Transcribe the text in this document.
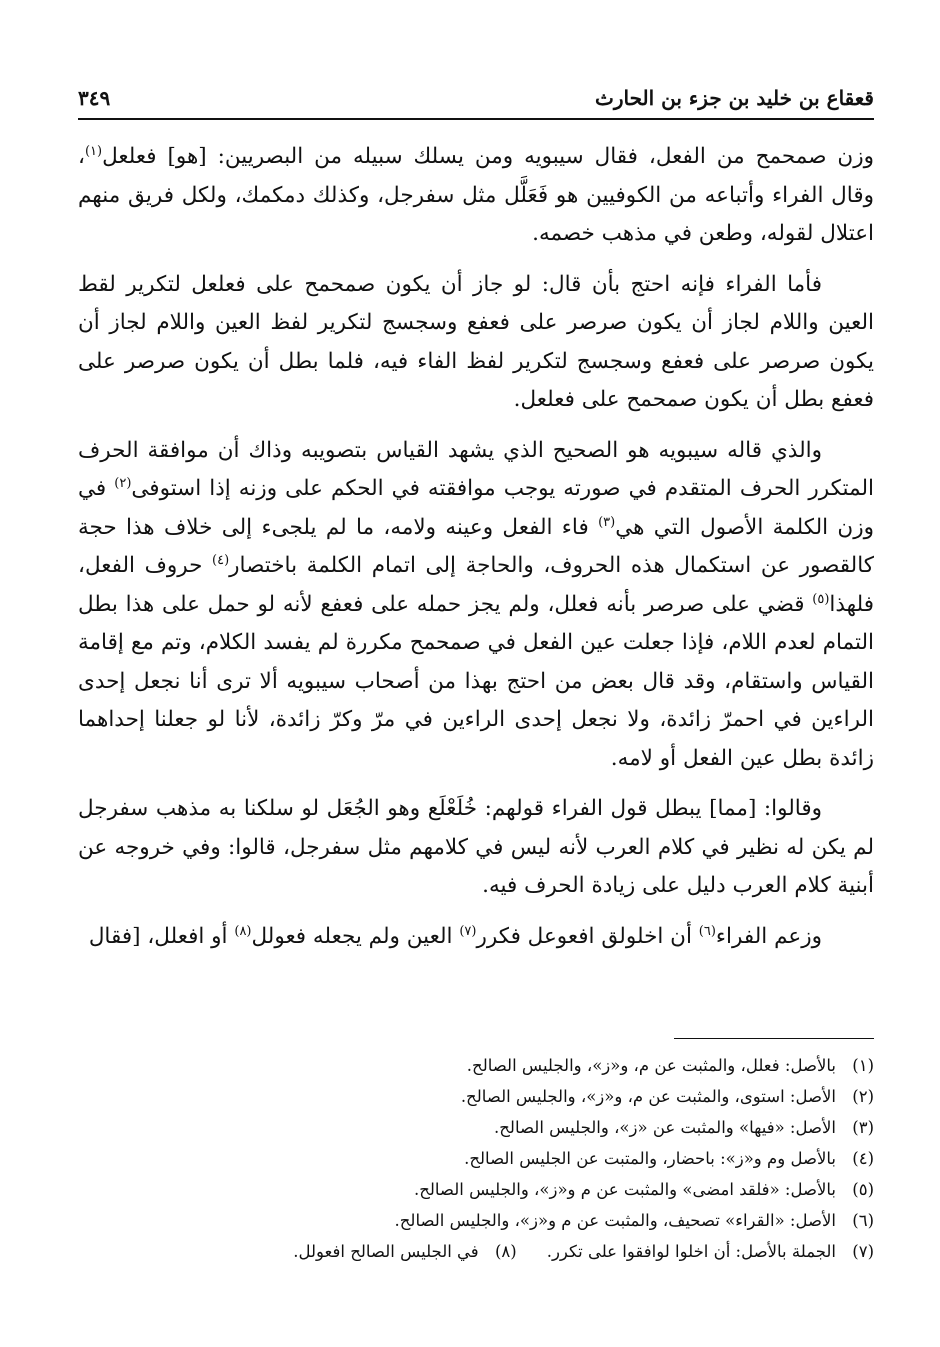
قعقاع بن خليد بن جزء بن الحارث
٣٤٩

وزن صمحمح من الفعل، فقال سيبويه ومن يسلك سبيله من البصريين: [هو] فعلعل$^{(١)}$، وقال الفراء وأتباعه من الكوفيين هو فَعَلَّل مثل سفرجل، وكذلك دمكمك، ولكل فريق منهم اعتلال لقوله، وطعن في مذهب خصمه.

فأما الفراء فإنه احتج بأن قال: لو جاز أن يكون صمحمح على فعلعل لتكرير لقط العين واللام لجاز أن يكون صرصر على فعفع وسجسج لتكرير لفظ العين واللام لجاز أن يكون صرصر على فعفع وسجسج لتكرير لفظ الفاء فيه، فلما بطل أن يكون صرصر على فعفع بطل أن يكون صمحمح على فعلعل.

والذي قاله سيبويه هو الصحيح الذي يشهد القياس بتصويبه وذاك أن موافقة الحرف المتكرر الحرف المتقدم في صورته يوجب موافقته في الحكم على وزنه إذا استوفى$^{(٢)}$ في وزن الكلمة الأصول التي هي$^{(٣)}$ فاء الفعل وعينه ولامه، ما لم يلجىء إلى خلاف هذا حجة كالقصور عن استكمال هذه الحروف، والحاجة إلى اتمام الكلمة باختصار$^{(٤)}$ حروف الفعل، فلهذا$^{(٥)}$ قضي على صرصر بأنه فعلل، ولم يجز حمله على فعفع لأنه لو حمل على هذا بطل التمام لعدم اللام، فإذا جعلت عين الفعل في صمحمح مكررة لم يفسد الكلام، وتم مع إقامة القياس واستقام، وقد قال بعض من احتج بهذا من أصحاب سيبويه ألا ترى أنا نجعل إحدى الراءين في احمرّ زائدة، ولا نجعل إحدى الراءين في مرّ وكرّ زائدة، لأنا لو جعلنا إحداهما زائدة بطل عين الفعل أو لامه.

وقالوا: [مما] يبطل قول الفراء قولهم: خُلَعْلَع وهو الجُعَل لو سلكنا به مذهب سفرجل لم يكن له نظير في كلام العرب لأنه ليس في كلامهم مثل سفرجل، قالوا: وفي خروجه عن أبنية كلام العرب دليل على زيادة الحرف فيه.

وزعم الفراء$^{(٦)}$ أن اخلولق افعوعل فكرر$^{(٧)}$ العين ولم يجعله فعولل$^{(٨)}$ أو افعلل، [فقال

(١)
بالأصل: فعلل، والمثبت عن م، و«ز»، والجليس الصالح.
(٢)
الأصل: استوى، والمثبت عن م، و«ز»، والجليس الصالح.
(٣)
الأصل: «فيها» والمثبت عن «ز»، والجليس الصالح.
(٤)
بالأصل وم و«ز»: باحضار، والمتبت عن الجليس الصالح.
(٥)
بالأصل: «فلقد امضى» والمثبت عن م و«ز»، والجليس الصالح.
(٦)
الأصل: «القراء» تصحيف، والمثبت عن م و«ز»، والجليس الصالح.
(٧)
الجملة بالأصل: أن اخلوا لوافقوا على تكرر.
(٨)
في الجليس الصالح افعولل.
